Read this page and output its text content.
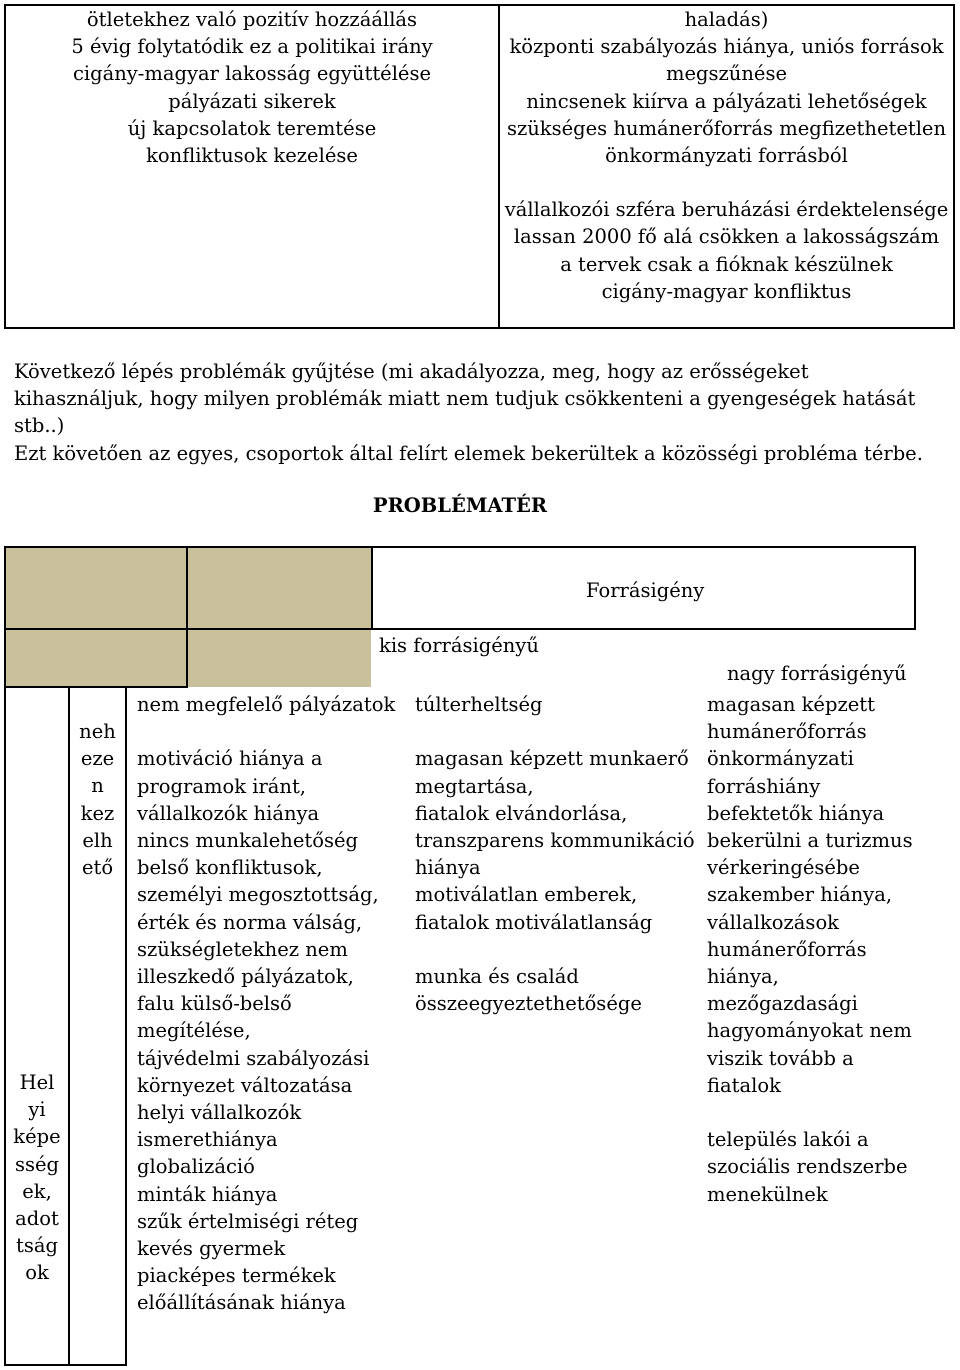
ötletekhez való pozitív hozzáállás
5 évig folytatódik ez a politikai irány
cigány-magyar lakosság együttélése
pályázati sikerek
új kapcsolatok teremtése
konfliktusok kezelése
haladás)
központi szabályozás hiánya, uniós források
megszűnése
nincsenek kiírva a pályázati lehetőségek
szükséges humánerőforrás megfizethetetlen
önkormányzati forrásból
vállalkozói szféra beruházási érdektelensége
lassan 2000 fő alá csökken a lakosságszám
a tervek csak a fióknak készülnek
cigány-magyar konfliktus
Következő lépés problémák gyűjtése (mi akadályozza, meg, hogy az erősségeket
kihasználjuk, hogy milyen problémák miatt nem tudjuk csökkenteni a gyengeségek hatását
stb..)
Ezt követően az egyes, csoportok által felírt elemek bekerültek a közösségi probléma térbe.
PROBLÉMATÉR
Forrásigény
kis forrásigényű
nagy forrásigényű
Hel
yi
képe
sség
ek,
adot
tság
ok
neh
eze
n
kez
elh
ető
nem megfelelő pályázatok

motiváció hiánya a
programok iránt,
vállalkozók hiánya
nincs munkalehetőség
belső konfliktusok,
személyi megosztottság,
érték és norma válság,
szükségletekhez nem
illeszkedő pályázatok,
falu külső-belső
megítélése,
tájvédelmi szabályozási
környezet változatása
helyi vállalkozók
ismerethiánya
globalizáció
minták hiánya
szűk értelmiségi réteg
kevés gyermek
piacképes termékek
előállításának hiánya
túlterheltség

magasan képzett munkaerő
megtartása,
fiatalok elvándorlása,
transzparens kommunikáció
hiánya
motiválatlan emberek,
fiatalok motiválatlanság

munka és család
összeegyeztethetősége
magasan képzett
humánerőforrás
önkormányzati
forráshiány
befektetők hiánya
bekerülni a turizmus
vérkeringésébe
szakember hiánya,
vállalkozások
humánerőforrás
hiánya,
mezőgazdasági
hagyományokat nem
viszik tovább a
fiatalok

település lakói a
szociális rendszerbe
menekülnek
